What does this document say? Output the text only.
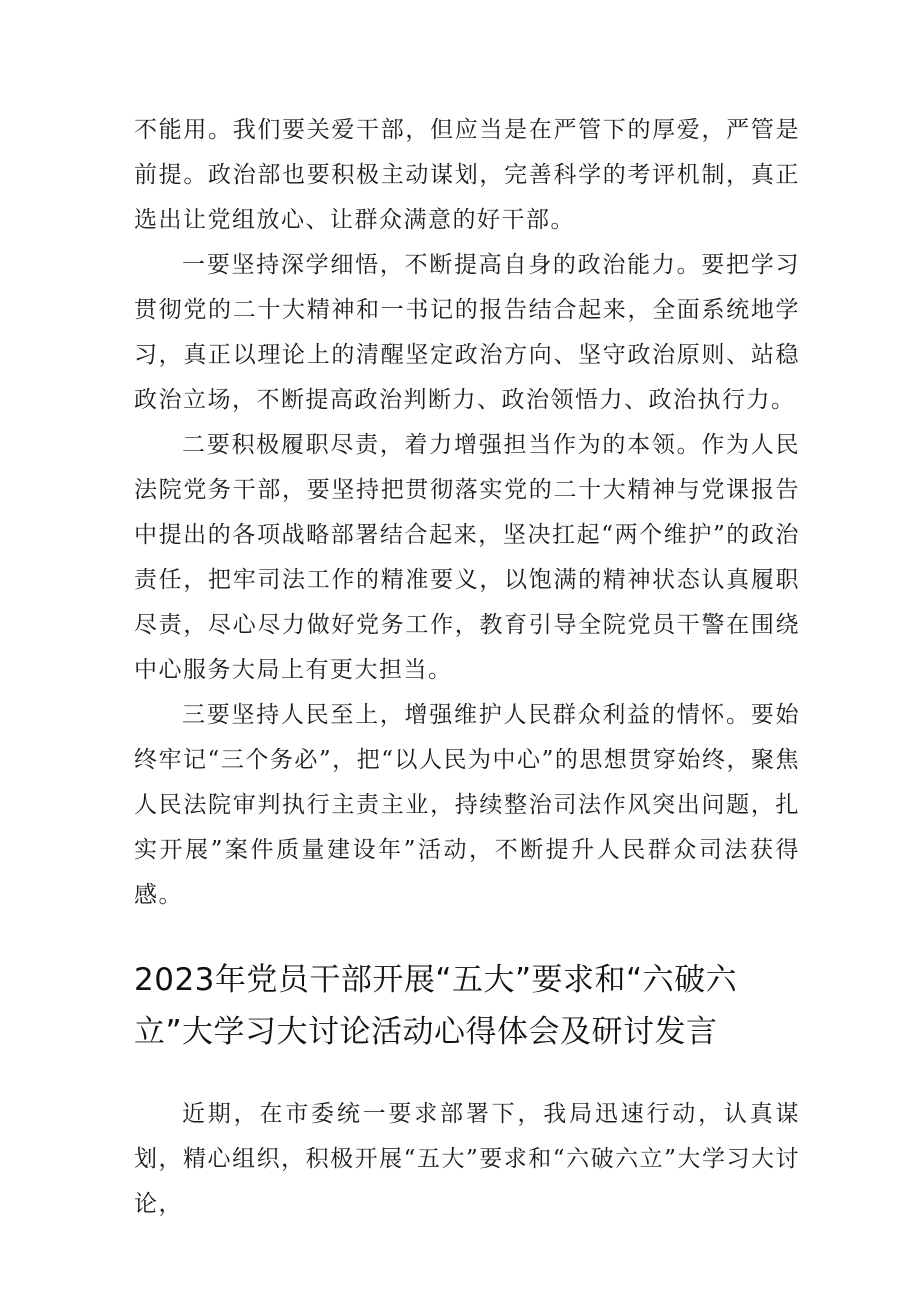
不能用。我们要关爱干部，但应当是在严管下的厚爱，严管是前提。政治部也要积极主动谋划，完善科学的考评机制，真正选出让党组放心、让群众满意的好干部。

一要坚持深学细悟，不断提高自身的政治能力。要把学习贯彻党的二十大精神和一书记的报告结合起来，全面系统地学习，真正以理论上的清醒坚定政治方向、坚守政治原则、站稳政治立场，不断提高政治判断力、政治领悟力、政治执行力。

二要积极履职尽责，着力增强担当作为的本领。作为人民法院党务干部，要坚持把贯彻落实党的二十大精神与党课报告中提出的各项战略部署结合起来，坚决扛起“两个维护”的政治责任，把牢司法工作的精准要义，以饱满的精神状态认真履职尽责，尽心尽力做好党务工作，教育引导全院党员干警在围绕中心服务大局上有更大担当。

三要坚持人民至上，增强维护人民群众利益的情怀。要始终牢记“三个务必”，把“以人民为中心”的思想贯穿始终，聚焦人民法院审判执行主责主业，持续整治司法作风突出问题，扎实开展”案件质量建设年”活动，不断提升人民群众司法获得感。

2023年党员干部开展“五大”要求和“六破六立”大学习大讨论活动心得体会及研讨发言

近期，在市委统一要求部署下，我局迅速行动，认真谋划，精心组织，积极开展“五大”要求和“六破六立”大学习大讨论，
